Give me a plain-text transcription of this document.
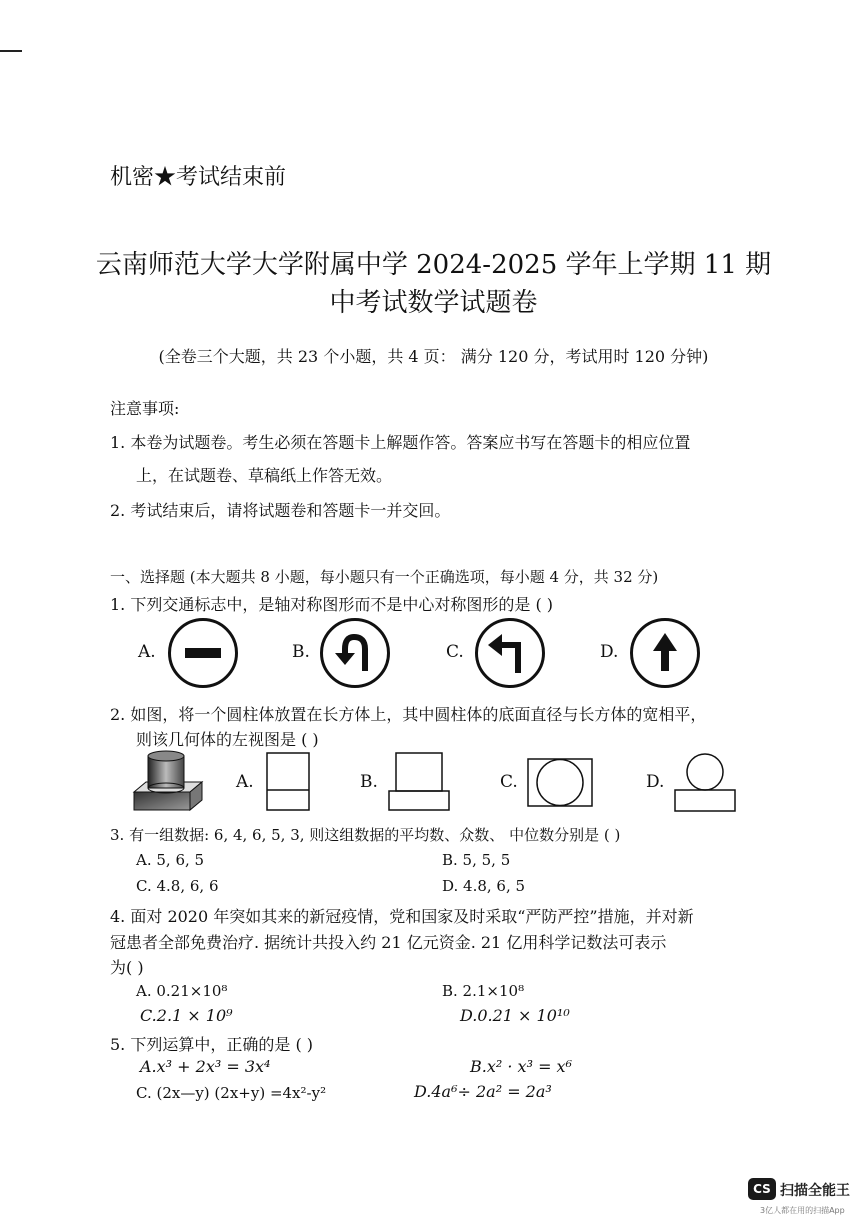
机密★考试结束前
云南师范大学大学附属中学 2024-2025 学年上学期 11 期
中考试数学试题卷
(全卷三个大题，共 23 个小题，共 4 页： 满分 120 分，考试用时 120 分钟)
注意事项:
1. 本卷为试题卷。考生必须在答题卡上解题作答。答案应书写在答题卡的相应位置
上，在试题卷、草稿纸上作答无效。
2. 考试结束后，请将试题卷和答题卡一并交回。
一、选择题 (本大题共 8 小题，每小题只有一个正确选项，每小题 4 分，共 32 分)
1. 下列交通标志中，是轴对称图形而不是中心对称图形的是 ( )
A.	B.	C.	D.
2. 如图，将一个圆柱体放置在长方体上，其中圆柱体的底面直径与长方体的宽相平，
则该几何体的左视图是 ( )
A.	B.	C.	D.
3. 有一组数据: 6, 4, 6, 5, 3, 则这组数据的平均数、众数、 中位数分别是 ( )
A. 5, 6, 5	B. 5, 5, 5
C. 4.8, 6, 6	D. 4.8, 6, 5
4. 面对 2020 年突如其来的新冠疫情，党和国家及时采取“严防严控”措施，并对新
冠患者全部免费治疗. 据统计共投入约 21 亿元资金. 21 亿用科学记数法可表示
为( )
A. 0.21×10⁸	B. 2.1×10⁸
C.2.1 × 10⁹	D.0.21 × 10¹⁰
5. 下列运算中，正确的是 ( )
A.x³ + 2x³ = 3x⁴	B.x² · x³ = x⁶
C. (2x—y) (2x+y) =4x²-y²	D.4a⁶÷ 2a² = 2a³
CS 扫描全能王
3亿人都在用的扫描App
